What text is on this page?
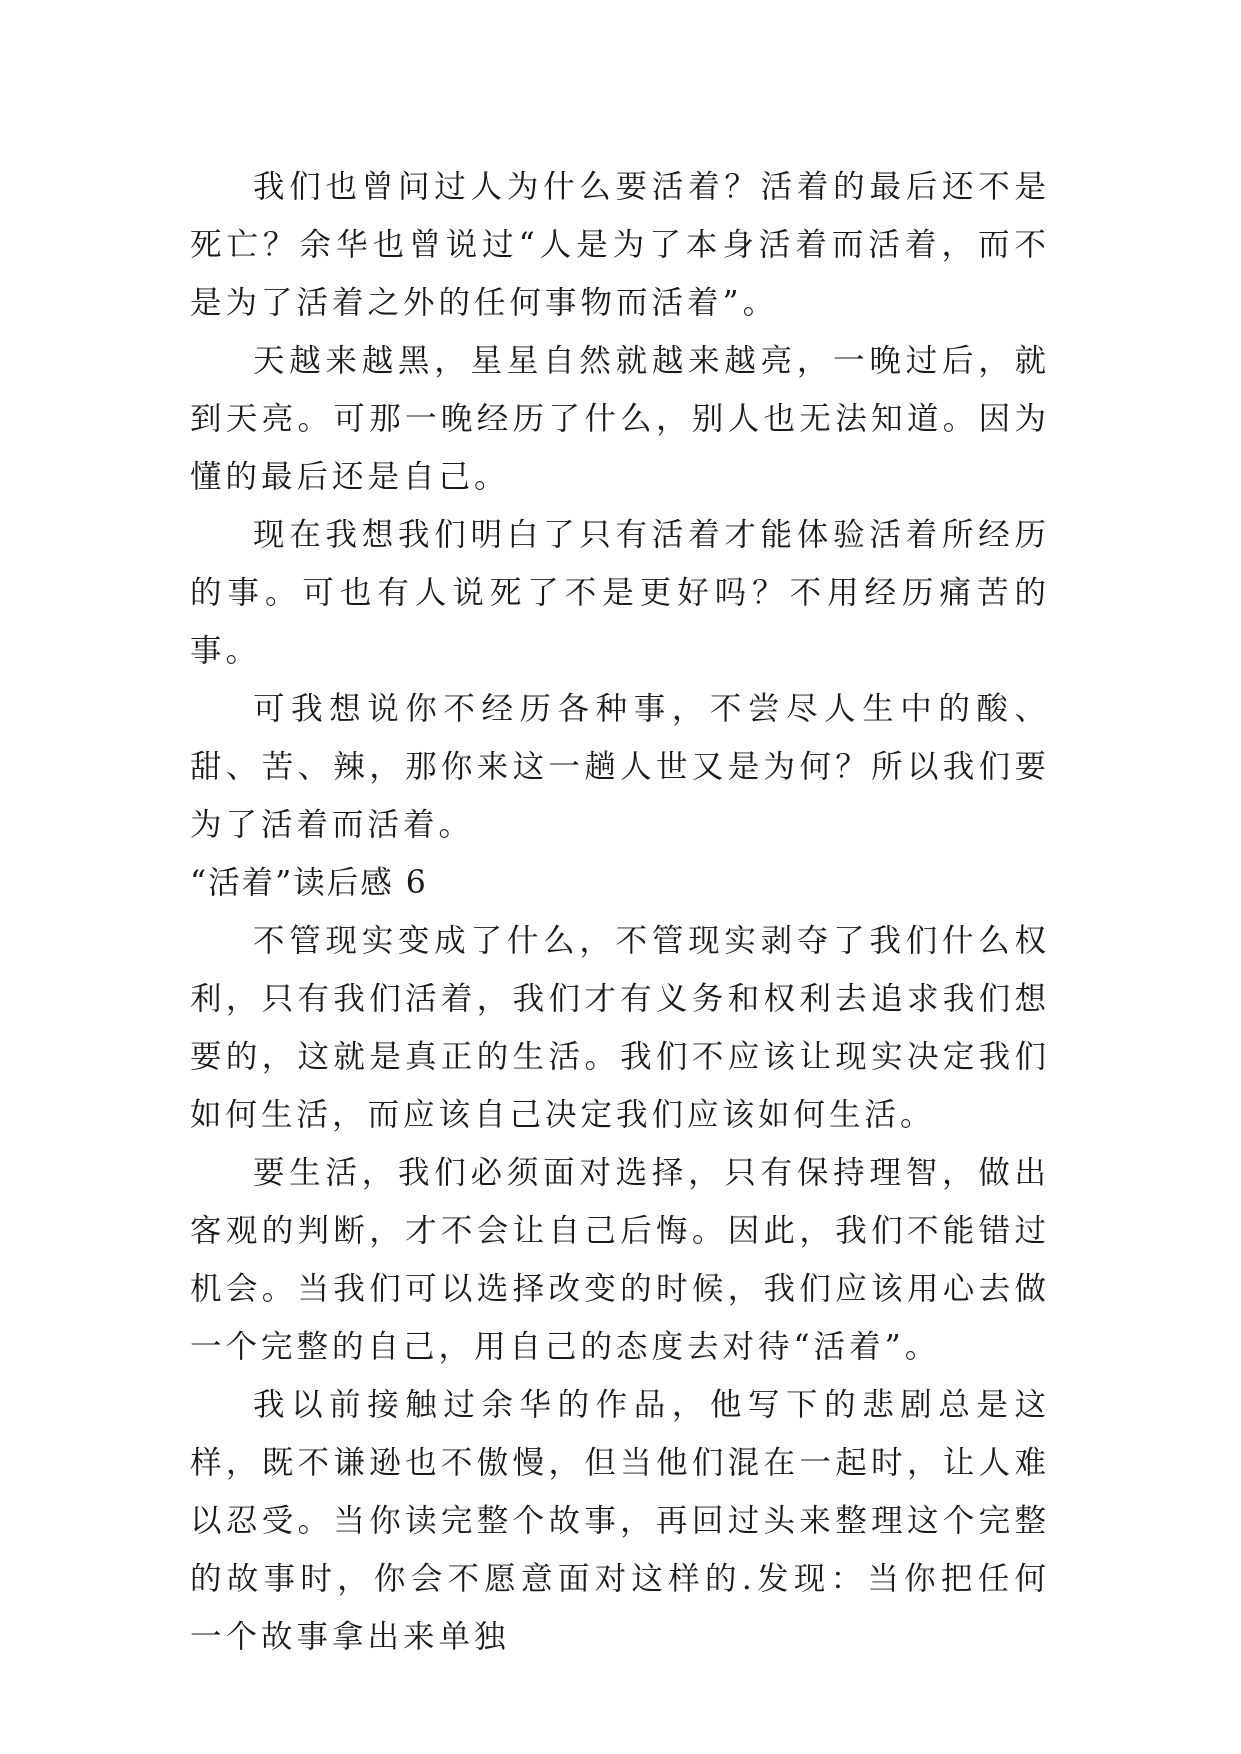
我们也曾问过人为什么要活着？活着的最后还不是死亡？余华也曾说过“人是为了本身活着而活着，而不是为了活着之外的任何事物而活着”。

天越来越黑，星星自然就越来越亮，一晚过后，就到天亮。可那一晚经历了什么，别人也无法知道。因为懂的最后还是自己。

现在我想我们明白了只有活着才能体验活着所经历的事。可也有人说死了不是更好吗？不用经历痛苦的事。

可我想说你不经历各种事，不尝尽人生中的酸、甜、苦、辣，那你来这一趟人世又是为何？所以我们要为了活着而活着。

“活着”读后感 6

不管现实变成了什么，不管现实剥夺了我们什么权利，只有我们活着，我们才有义务和权利去追求我们想要的，这就是真正的生活。我们不应该让现实决定我们如何生活，而应该自己决定我们应该如何生活。

要生活，我们必须面对选择，只有保持理智，做出客观的判断，才不会让自己后悔。因此，我们不能错过机会。当我们可以选择改变的时候，我们应该用心去做一个完整的自己，用自己的态度去对待“活着”。

我以前接触过余华的作品，他写下的悲剧总是这样，既不谦逊也不傲慢，但当他们混在一起时，让人难以忍受。当你读完整个故事，再回过头来整理这个完整的故事时，你会不愿意面对这样的.发现：当你把任何一个故事拿出来单独
